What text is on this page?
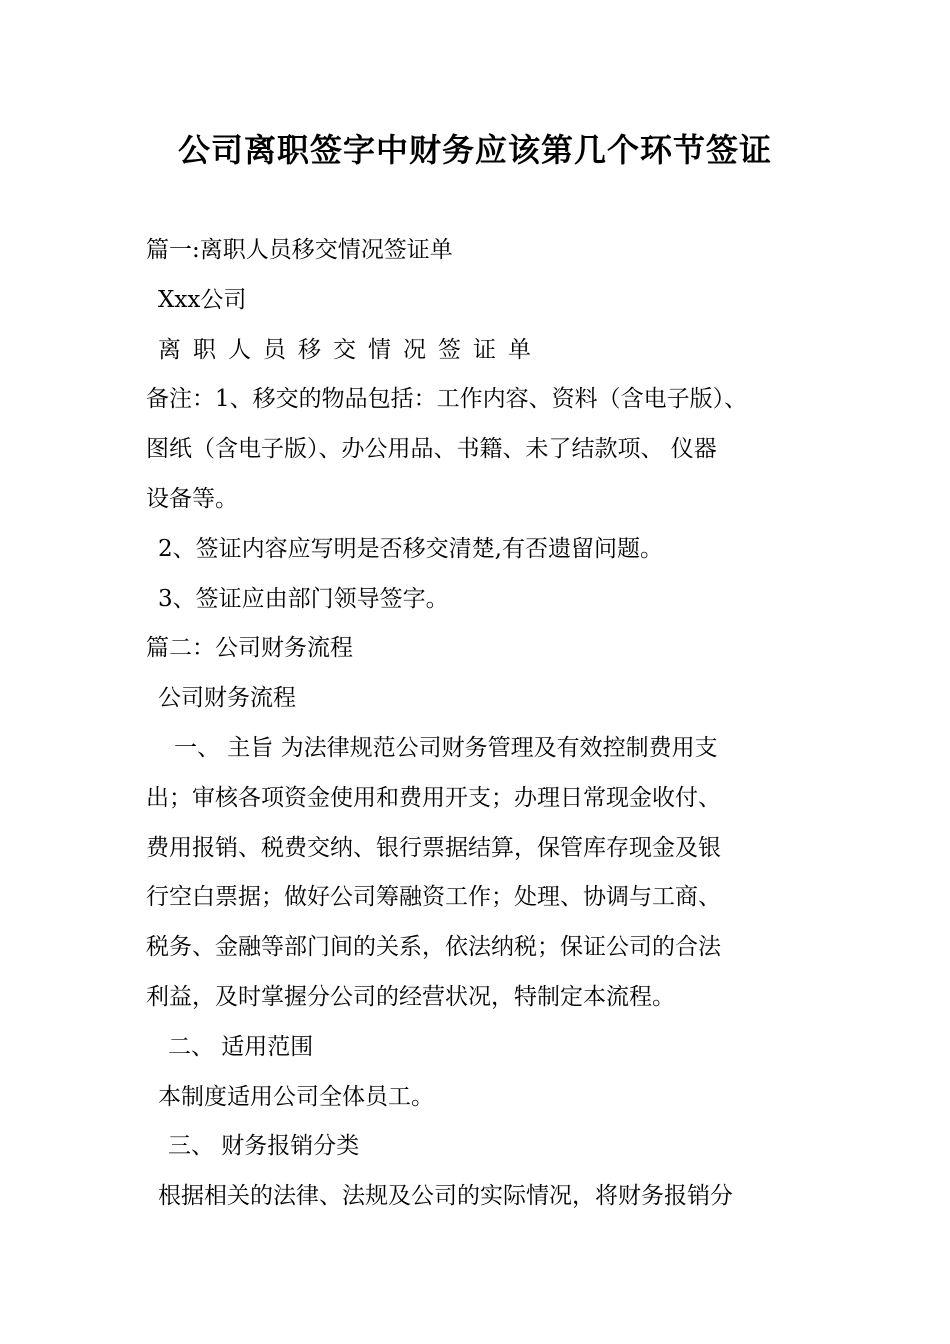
公司离职签字中财务应该第几个环节签证
篇一:离职人员移交情况签证单
Xxx公司
离职人员移交情况签证单
备注：1、移交的物品包括：工作内容、资料（含电子版）、
图纸（含电子版）、办公用品、书籍、未了结款项、 仪器
设备等。
2、签证内容应写明是否移交清楚,有否遗留问题。
3、签证应由部门领导签字。
篇二：公司财务流程
公司财务流程
一、 主旨 为法律规范公司财务管理及有效控制费用支
出；审核各项资金使用和费用开支；办理日常现金收付、
费用报销、税费交纳、银行票据结算，保管库存现金及银
行空白票据；做好公司筹融资工作；处理、协调与工商、
税务、金融等部门间的关系，依法纳税；保证公司的合法
利益，及时掌握分公司的经营状况，特制定本流程。
二、 适用范围
本制度适用公司全体员工。
三、 财务报销分类
根据相关的法律、法规及公司的实际情况，将财务报销分
